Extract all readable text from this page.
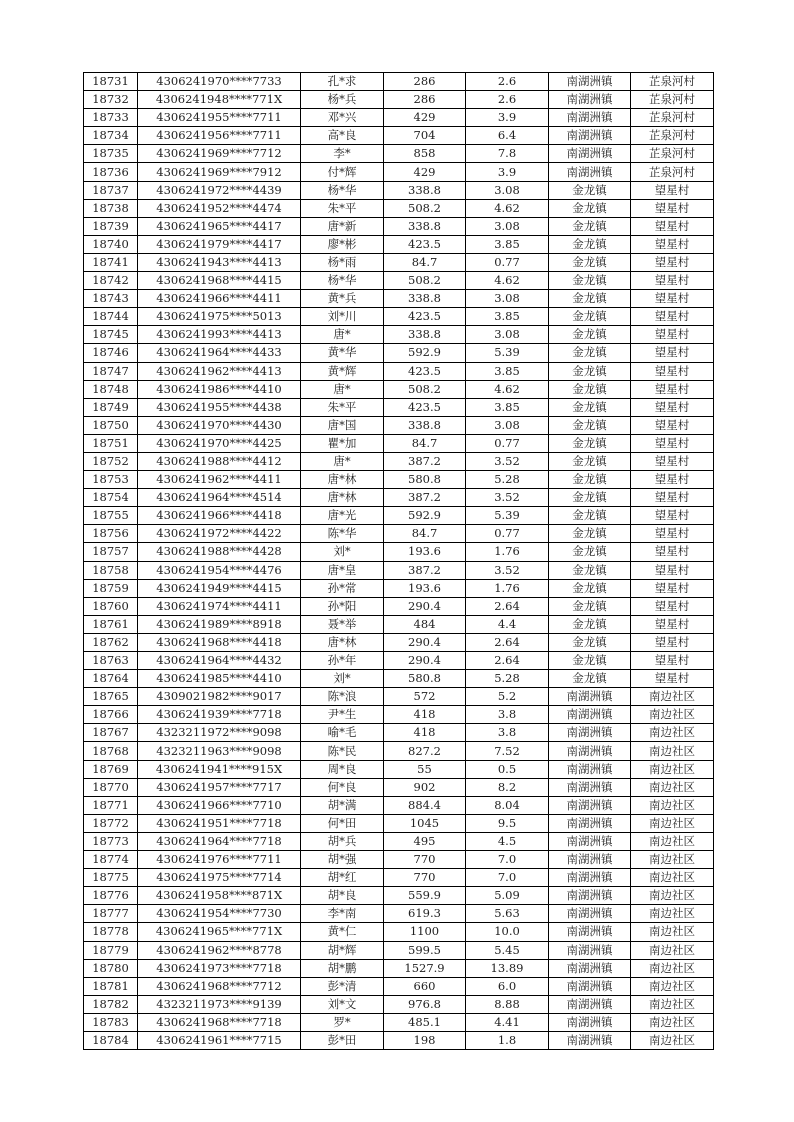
18731	4306241970****7733	孔*求	286	2.6	南湖洲镇	芷泉河村
18732	4306241948****771X	杨*兵	286	2.6	南湖洲镇	芷泉河村
18733	4306241955****7711	邓*兴	429	3.9	南湖洲镇	芷泉河村
18734	4306241956****7711	高*良	704	6.4	南湖洲镇	芷泉河村
18735	4306241969****7712	李*	858	7.8	南湖洲镇	芷泉河村
18736	4306241969****7912	付*辉	429	3.9	南湖洲镇	芷泉河村
18737	4306241972****4439	杨*华	338.8	3.08	金龙镇	望星村
18738	4306241952****4474	朱*平	508.2	4.62	金龙镇	望星村
18739	4306241965****4417	唐*新	338.8	3.08	金龙镇	望星村
18740	4306241979****4417	廖*彬	423.5	3.85	金龙镇	望星村
18741	4306241943****4413	杨*雨	84.7	0.77	金龙镇	望星村
18742	4306241968****4415	杨*华	508.2	4.62	金龙镇	望星村
18743	4306241966****4411	黄*兵	338.8	3.08	金龙镇	望星村
18744	4306241975****5013	刘*川	423.5	3.85	金龙镇	望星村
18745	4306241993****4413	唐*	338.8	3.08	金龙镇	望星村
18746	4306241964****4433	黄*华	592.9	5.39	金龙镇	望星村
18747	4306241962****4413	黄*辉	423.5	3.85	金龙镇	望星村
18748	4306241986****4410	唐*	508.2	4.62	金龙镇	望星村
18749	4306241955****4438	朱*平	423.5	3.85	金龙镇	望星村
18750	4306241970****4430	唐*国	338.8	3.08	金龙镇	望星村
18751	4306241970****4425	瞿*加	84.7	0.77	金龙镇	望星村
18752	4306241988****4412	唐*	387.2	3.52	金龙镇	望星村
18753	4306241962****4411	唐*林	580.8	5.28	金龙镇	望星村
18754	4306241964****4514	唐*林	387.2	3.52	金龙镇	望星村
18755	4306241966****4418	唐*光	592.9	5.39	金龙镇	望星村
18756	4306241972****4422	陈*华	84.7	0.77	金龙镇	望星村
18757	4306241988****4428	刘*	193.6	1.76	金龙镇	望星村
18758	4306241954****4476	唐*皇	387.2	3.52	金龙镇	望星村
18759	4306241949****4415	孙*常	193.6	1.76	金龙镇	望星村
18760	4306241974****4411	孙*阳	290.4	2.64	金龙镇	望星村
18761	4306241989****8918	聂*举	484	4.4	金龙镇	望星村
18762	4306241968****4418	唐*林	290.4	2.64	金龙镇	望星村
18763	4306241964****4432	孙*年	290.4	2.64	金龙镇	望星村
18764	4306241985****4410	刘*	580.8	5.28	金龙镇	望星村
18765	4309021982****9017	陈*浪	572	5.2	南湖洲镇	南边社区
18766	4306241939****7718	尹*生	418	3.8	南湖洲镇	南边社区
18767	4323211972****9098	喻*毛	418	3.8	南湖洲镇	南边社区
18768	4323211963****9098	陈*民	827.2	7.52	南湖洲镇	南边社区
18769	4306241941****915X	周*良	55	0.5	南湖洲镇	南边社区
18770	4306241957****7717	何*良	902	8.2	南湖洲镇	南边社区
18771	4306241966****7710	胡*满	884.4	8.04	南湖洲镇	南边社区
18772	4306241951****7718	何*田	1045	9.5	南湖洲镇	南边社区
18773	4306241964****7718	胡*兵	495	4.5	南湖洲镇	南边社区
18774	4306241976****7711	胡*强	770	7.0	南湖洲镇	南边社区
18775	4306241975****7714	胡*红	770	7.0	南湖洲镇	南边社区
18776	4306241958****871X	胡*良	559.9	5.09	南湖洲镇	南边社区
18777	4306241954****7730	李*南	619.3	5.63	南湖洲镇	南边社区
18778	4306241965****771X	黄*仁	1100	10.0	南湖洲镇	南边社区
18779	4306241962****8778	胡*辉	599.5	5.45	南湖洲镇	南边社区
18780	4306241973****7718	胡*鹏	1527.9	13.89	南湖洲镇	南边社区
18781	4306241968****7712	彭*清	660	6.0	南湖洲镇	南边社区
18782	4323211973****9139	刘*文	976.8	8.88	南湖洲镇	南边社区
18783	4306241968****7718	罗*	485.1	4.41	南湖洲镇	南边社区
18784	4306241961****7715	彭*田	198	1.8	南湖洲镇	南边社区
